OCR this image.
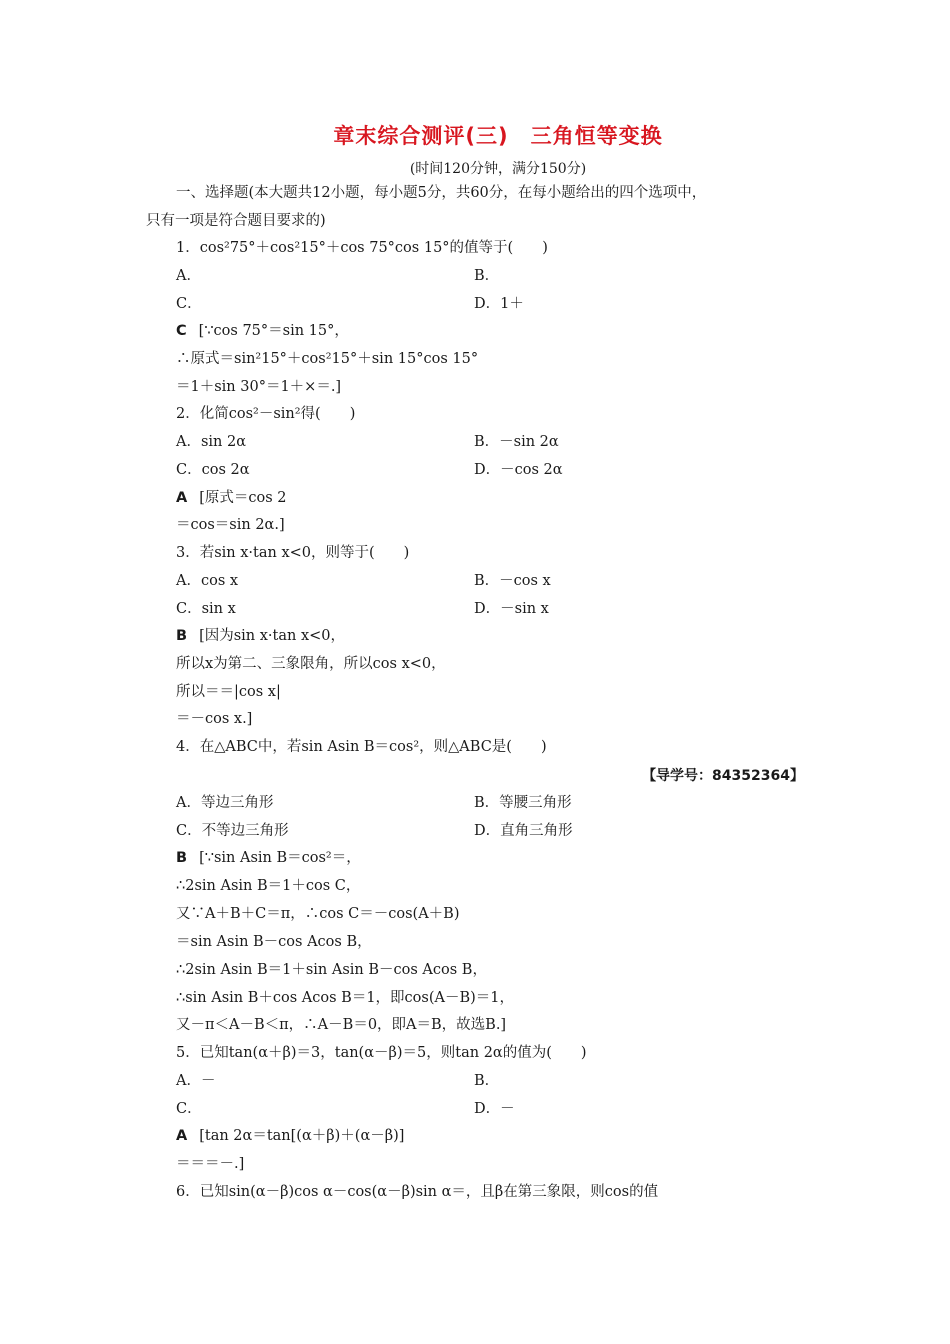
章末综合测评(三)　三角恒等变换
(时间120分钟，满分150分)
一、选择题(本大题共12小题，每小题5分，共60分，在每小题给出的四个选项中，
只有一项是符合题目要求的)
1．cos²75°＋cos²15°＋cos 75°cos 15°的值等于(　　)
A．	B．
C．	D．1＋
C [∵cos 75°＝sin 15°，
∴原式＝sin²15°＋cos²15°＋sin 15°cos 15°
＝1＋sin 30°＝1＋×＝.]
2．化简cos²－sin²得(　　)
A．sin 2α	B．－sin 2α
C．cos 2α	D．－cos 2α
A [原式＝cos 2
＝cos＝sin 2α.]
3．若sin x·tan x<0，则等于(　　)
A．cos x	B．－cos x
C．sin x	D．－sin x
B [因为sin x·tan x<0，
所以x为第二、三象限角，所以cos x<0，
所以＝＝|cos x|
＝－cos x.]
4．在△ABC中，若sin Asin B＝cos²，则△ABC是(　　)
【导学号：84352364】
A．等边三角形	B．等腰三角形
C．不等边三角形	D．直角三角形
B [∵sin Asin B＝cos²＝，
∴2sin Asin B＝1＋cos C，
又∵A＋B＋C＝π，∴cos C＝－cos(A＋B)
＝sin Asin B－cos Acos B，
∴2sin Asin B＝1＋sin Asin B－cos Acos B，
∴sin Asin B＋cos Acos B＝1，即cos(A－B)＝1，
又－π＜A－B＜π，∴A－B＝0，即A＝B，故选B.]
5．已知tan(α＋β)＝3，tan(α－β)＝5，则tan 2α的值为(　　)
A．－	B．
C．	D．－
A [tan 2α＝tan[(α＋β)＋(α－β)]
＝＝＝－.]
6．已知sin(α－β)cos α－cos(α－β)sin α＝，且β在第三象限，则cos的值
